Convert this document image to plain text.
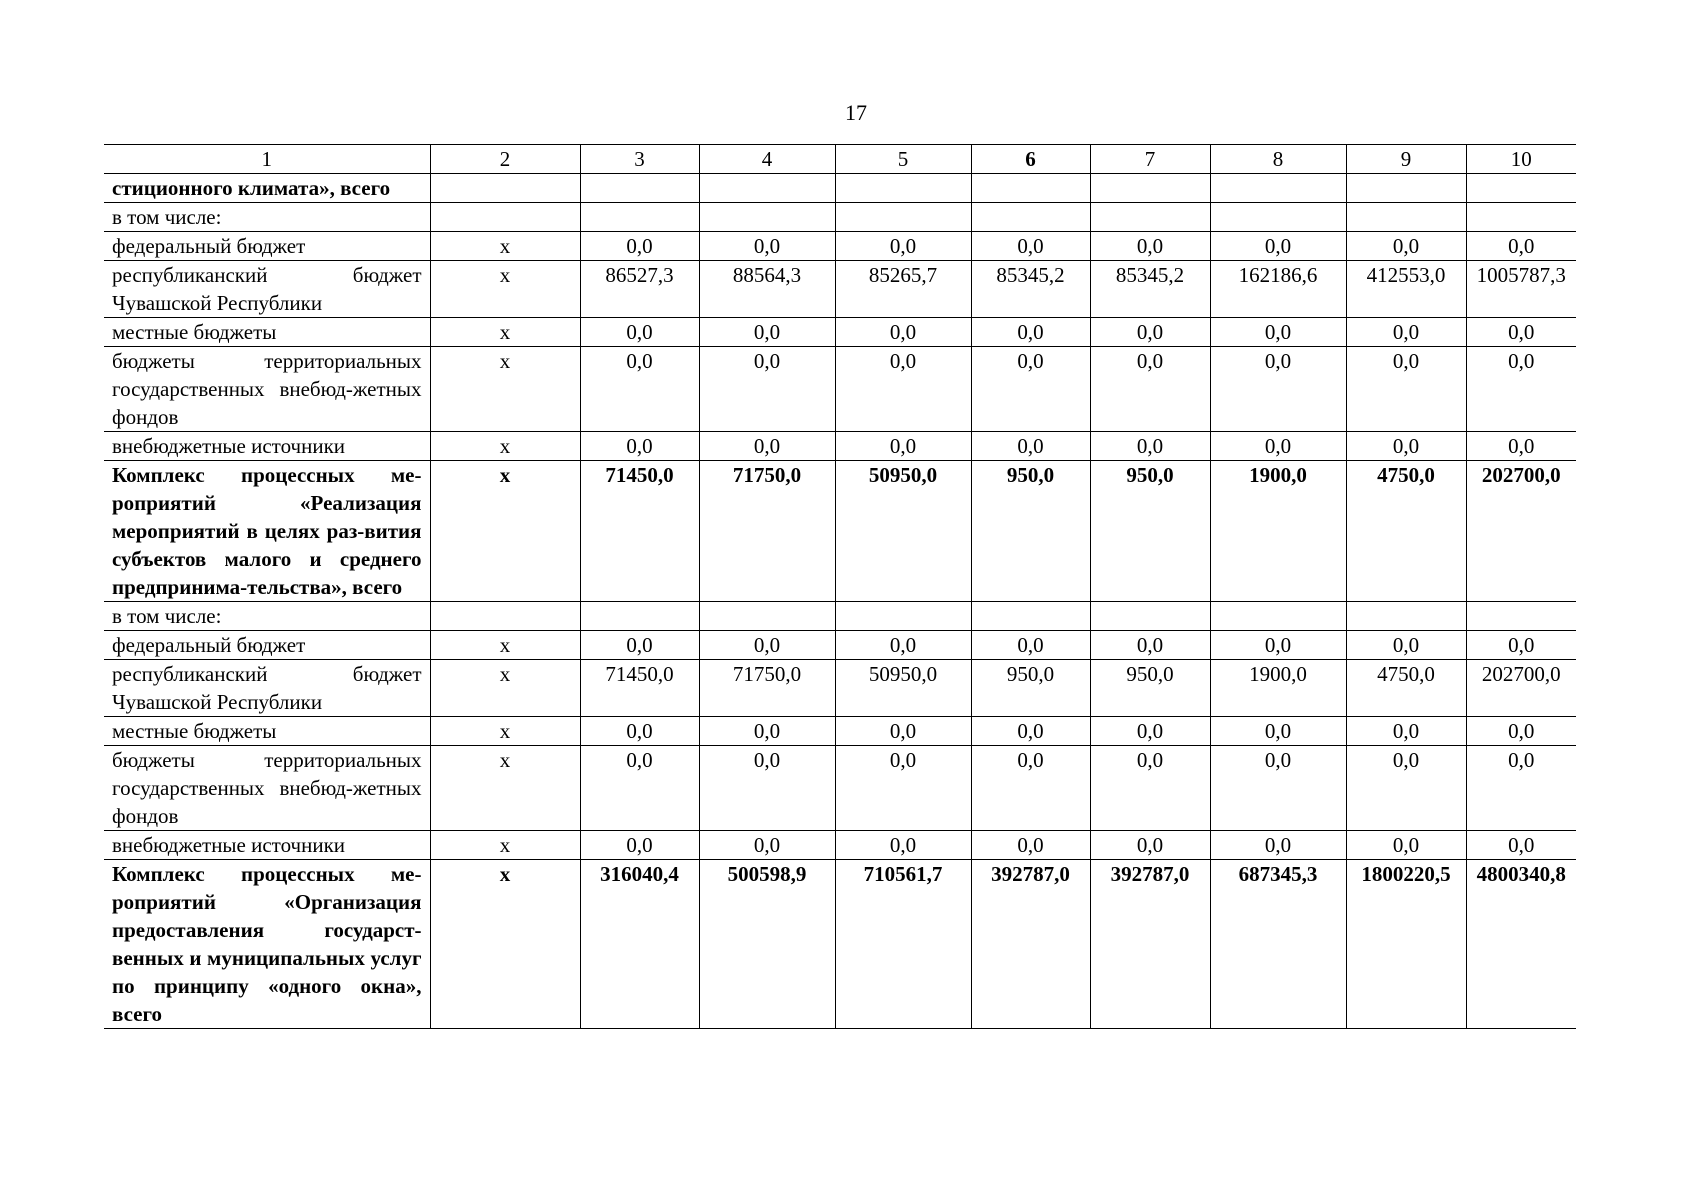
17
1	2	3	4	5	6	7	8	9	10
стиционного климата», всего									
в том числе:									
федеральный бюджет	x	0,0	0,0	0,0	0,0	0,0	0,0	0,0	0,0
республиканский бюджет Чувашской Республики	x	86527,3	88564,3	85265,7	85345,2	85345,2	162186,6	412553,0	1005787,3
местные бюджеты	x	0,0	0,0	0,0	0,0	0,0	0,0	0,0	0,0
бюджеты территориальных государственных внебюд-жетных фондов	x	0,0	0,0	0,0	0,0	0,0	0,0	0,0	0,0
внебюджетные источники	x	0,0	0,0	0,0	0,0	0,0	0,0	0,0	0,0
Комплекс процессных ме-роприятий «Реализация мероприятий в целях раз-вития субъектов малого и среднего предпринима-тельства», всего	x	71450,0	71750,0	50950,0	950,0	950,0	1900,0	4750,0	202700,0
в том числе:									
федеральный бюджет	x	0,0	0,0	0,0	0,0	0,0	0,0	0,0	0,0
республиканский бюджет Чувашской Республики	x	71450,0	71750,0	50950,0	950,0	950,0	1900,0	4750,0	202700,0
местные бюджеты	x	0,0	0,0	0,0	0,0	0,0	0,0	0,0	0,0
бюджеты территориальных государственных внебюд-жетных фондов	x	0,0	0,0	0,0	0,0	0,0	0,0	0,0	0,0
внебюджетные источники	x	0,0	0,0	0,0	0,0	0,0	0,0	0,0	0,0
Комплекс процессных ме-роприятий «Организация предоставления государст-венных и муниципальных услуг по принципу «одного окна», всего	x	316040,4	500598,9	710561,7	392787,0	392787,0	687345,3	1800220,5	4800340,8
